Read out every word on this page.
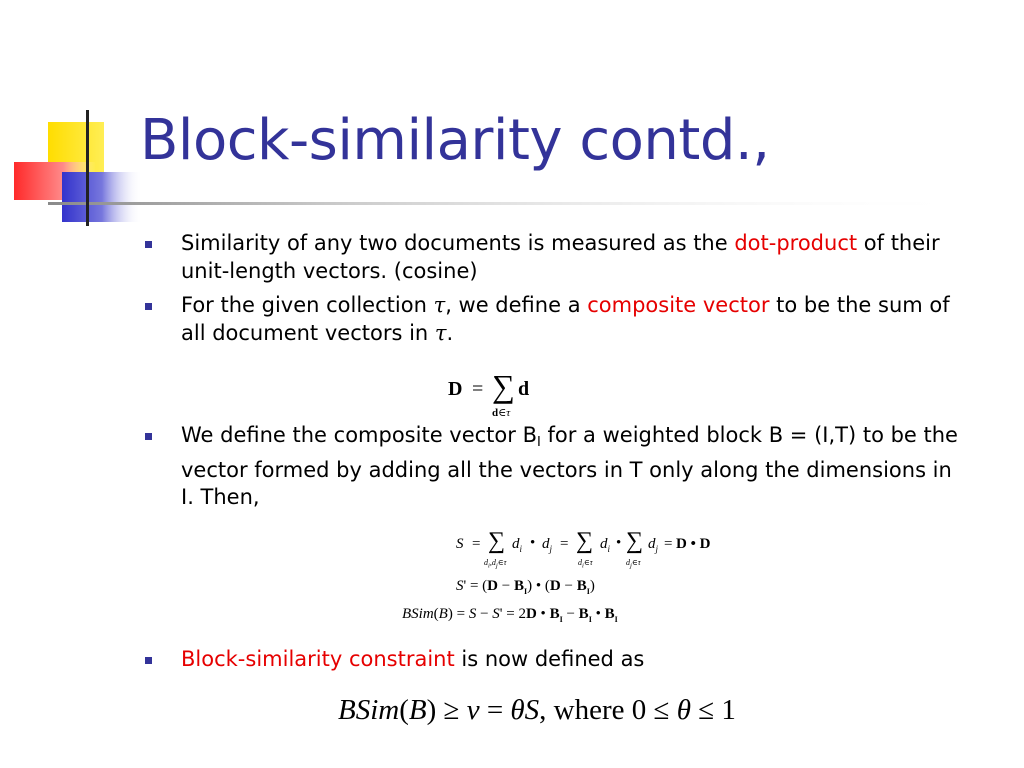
Block-similarity contd.,
Similarity of any two documents is measured as the dot-product of their unit-length vectors. (cosine)
For the given collection τ, we define a composite vector to be the sum of all document vectors in τ.
We define the composite vector $B_I$ for a weighted block B = (I,T) to be the vector formed by adding all the vectors in T only along the dimensions in I. Then,
Block-similarity constraint is now defined as
D = ∑ d
d∈τ
S = ∑
$d_i,d_j\in\tau$
$d_i$ • $d_j$ = ∑
$d_i\in\tau$
$d_i$ • ∑
$d_j\in\tau$
$d_j = D$ • D
$S' = (D - B_I)$ • $(D - B_I)$
BSim(B) = S − S' = 2D • $B_I - B_I$ • $B_I$
BSim(B) ≥ ν = θS, where 0 ≤ θ ≤ 1
